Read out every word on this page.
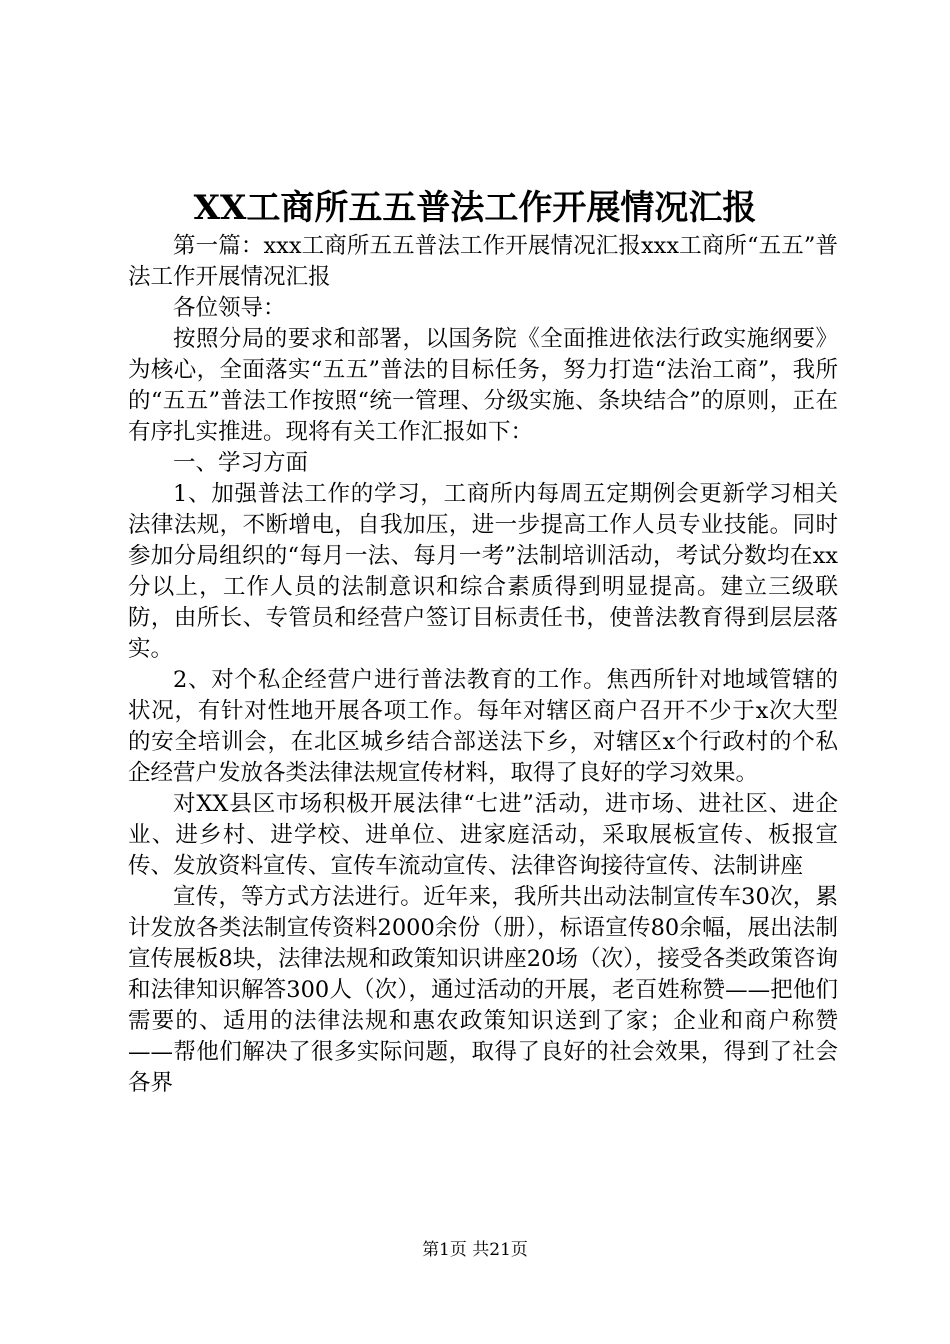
XX工商所五五普法工作开展情况汇报

第一篇：xxx工商所五五普法工作开展情况汇报xxx工商所“五五”普法工作开展情况汇报

各位领导：

按照分局的要求和部署，以国务院《全面推进依法行政实施纲要》为核心，全面落实“五五”普法的目标任务，努力打造“法治工商”，我所的“五五”普法工作按照“统一管理、分级实施、条块结合”的原则，正在有序扎实推进。现将有关工作汇报如下：

一、学习方面

1、加强普法工作的学习，工商所内每周五定期例会更新学习相关法律法规，不断增电，自我加压，进一步提高工作人员专业技能。同时参加分局组织的“每月一法、每月一考”法制培训活动，考试分数均在xx分以上，工作人员的法制意识和综合素质得到明显提高。建立三级联防，由所长、专管员和经营户签订目标责任书，使普法教育得到层层落实。

2、对个私企经营户进行普法教育的工作。焦西所针对地域管辖的状况，有针对性地开展各项工作。每年对辖区商户召开不少于x次大型的安全培训会，在北区城乡结合部送法下乡，对辖区x个行政村的个私企经营户发放各类法律法规宣传材料，取得了良好的学习效果。

对XX县区市场积极开展法律“七进”活动，进市场、进社区、进企业、进乡村、进学校、进单位、进家庭活动，采取展板宣传、板报宣传、发放资料宣传、宣传车流动宣传、法律咨询接待宣传、法制讲座

宣传，等方式方法进行。近年来，我所共出动法制宣传车30次，累计发放各类法制宣传资料2000余份（册），标语宣传80余幅，展出法制宣传展板8块，法律法规和政策知识讲座20场（次），接受各类政策咨询和法律知识解答300人（次），通过活动的开展，老百姓称赞——把他们需要的、适用的法律法规和惠农政策知识送到了家；企业和商户称赞——帮他们解决了很多实际问题，取得了良好的社会效果，得到了社会各界

第1页 共21页
